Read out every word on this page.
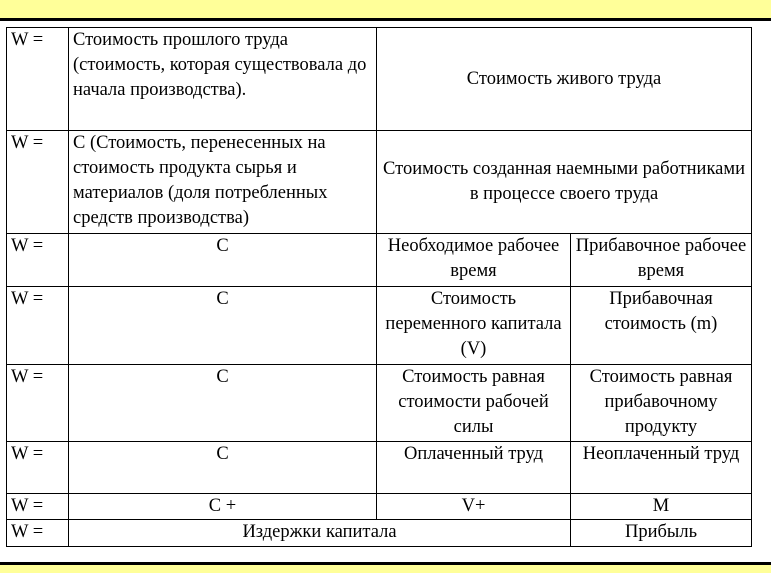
W =	Стоимость прошлого труда (стоимость, которая существовала до начала производства).	Стоимость живого труда	
W =	С (Стоимость, перенесенных на стоимость продукта сырья и материалов (доля потребленных средств производства)	Стоимость созданная наемными работниками в процессе своего труда	
W =	С	Необходимое рабочее время	Прибавочное рабочее время
W =	С	Стоимость переменного капитала (V)	Прибавочная стоимость (m)
W =	С	Стоимость равная стоимости рабочей силы	Стоимость равная прибавочному продукту
W =	С	Оплаченный труд	Неоплаченный труд
W =	C +	V+	M
W =	Издержки капитала		Прибыль
